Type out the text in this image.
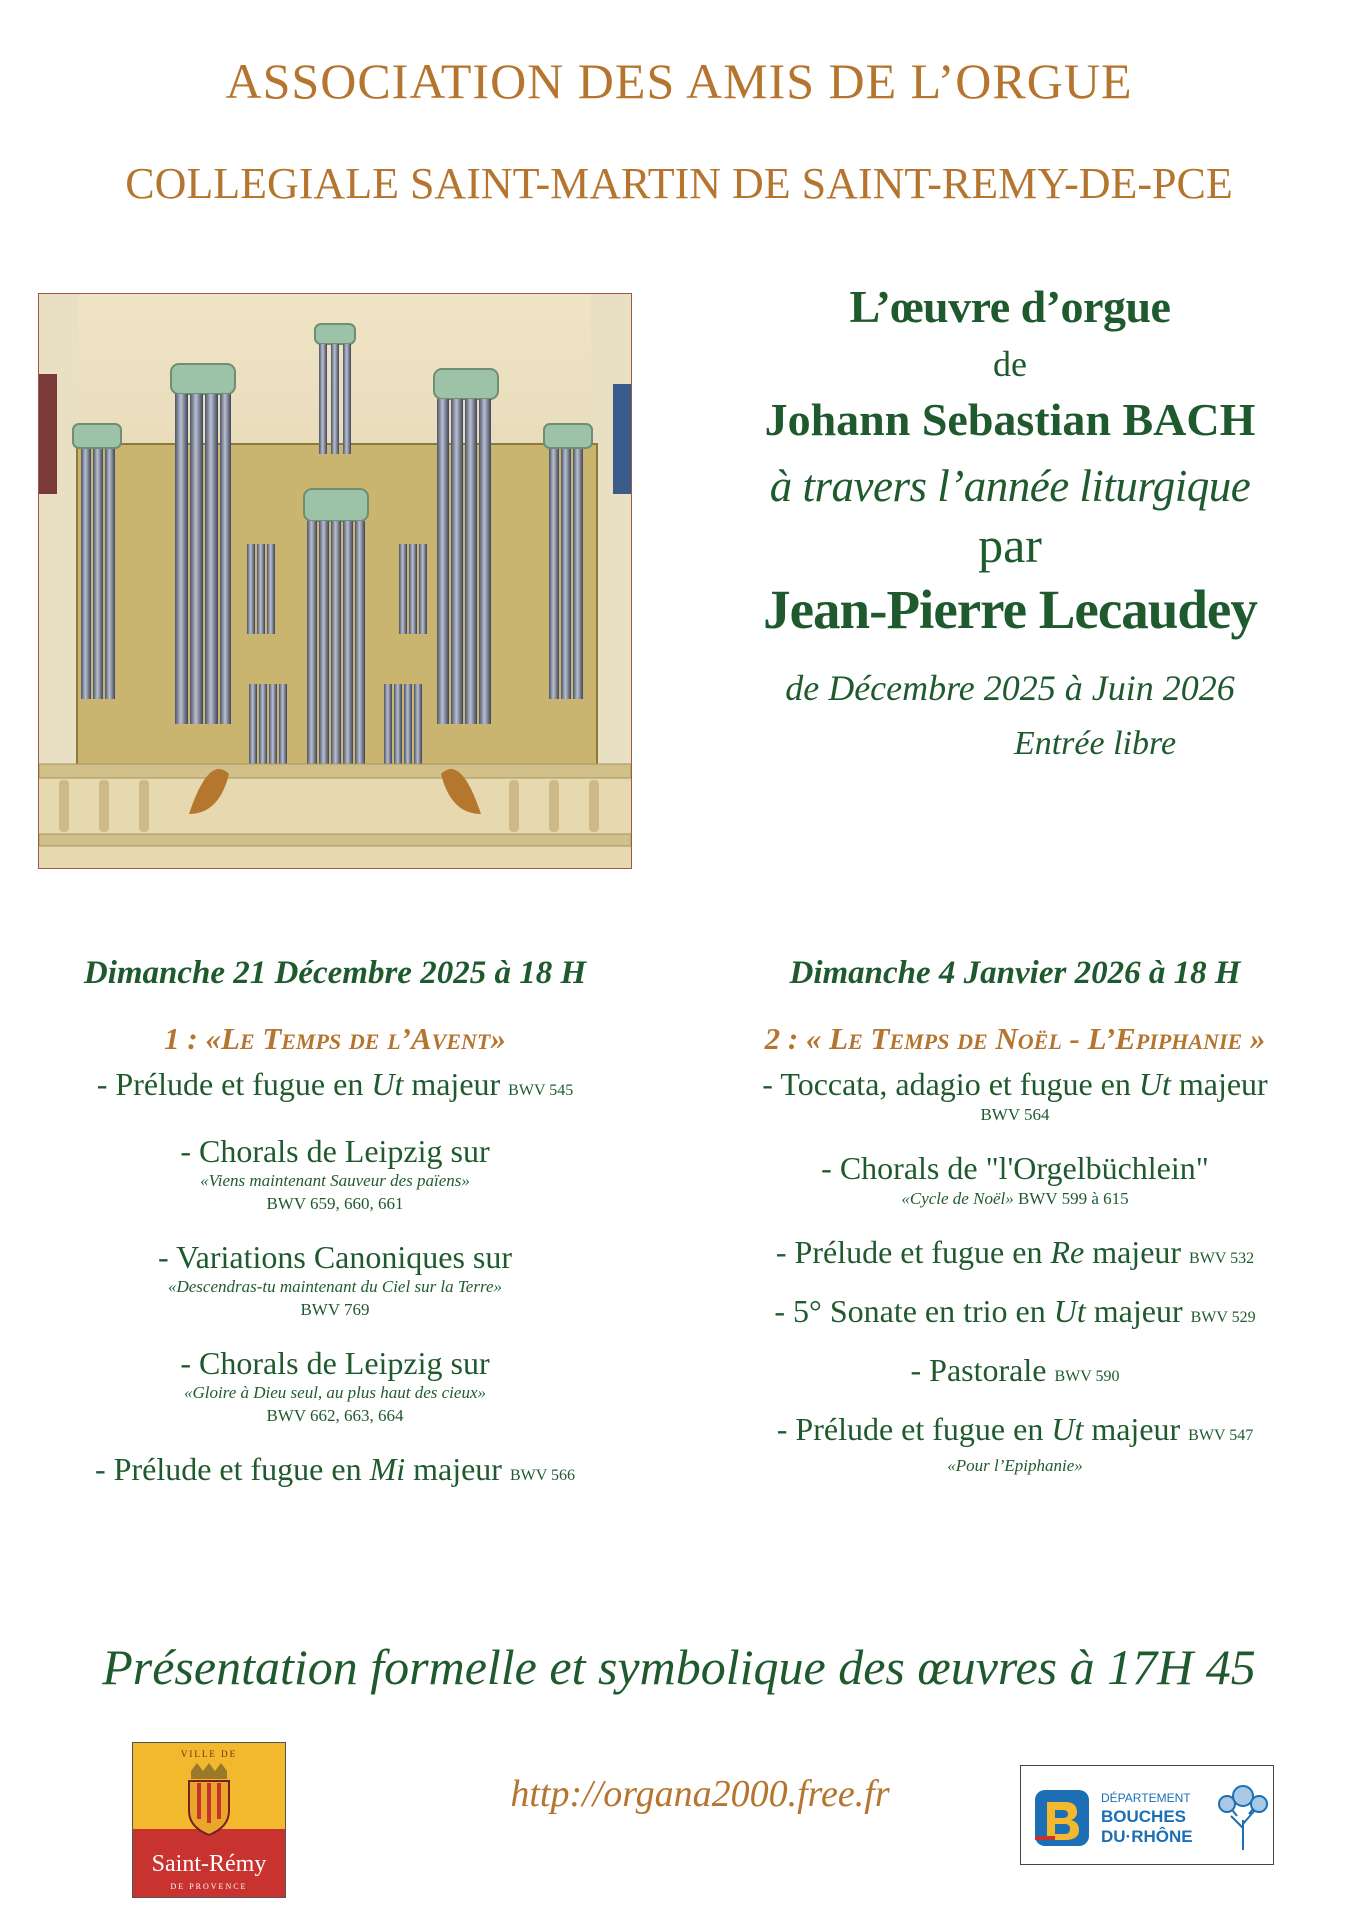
ASSOCIATION DES AMIS DE L’ORGUE
COLLEGIALE SAINT-MARTIN DE SAINT-REMY-DE-PCE
L’œuvre d’orgue
de
Johann Sebastian BACH
à travers l’année liturgique
par
Jean-Pierre Lecaudey
de Décembre 2025 à Juin 2026
Entrée libre
Dimanche 21 Décembre 2025 à 18 H
1 : «Le Temps de l’Avent»
- Prélude et fugue en Ut majeur BWV 545
- Chorals de Leipzig sur
«Viens maintenant Sauveur des païens»
BWV 659, 660, 661
- Variations Canoniques sur
«Descendras-tu maintenant du Ciel sur la Terre»
BWV 769
- Chorals de Leipzig sur
«Gloire à Dieu seul, au plus haut des cieux»
BWV 662, 663, 664
- Prélude et fugue en Mi majeur BWV 566
Dimanche 4 Janvier 2026 à 18 H
2 : « Le Temps de Noël - L’Epiphanie »
- Toccata, adagio et fugue en Ut majeur
BWV 564
- Chorals de "l'Orgelbüchlein"
«Cycle de Noël» BWV 599 à 615
- Prélude et fugue en Re majeur BWV 532
- 5° Sonate en trio en Ut majeur BWV 529
- Pastorale BWV 590
- Prélude et fugue en Ut majeur BWV 547
«Pour l’Epiphanie»
Présentation formelle et symbolique des œuvres à 17H 45
VILLE DE
Saint-Rémy
DE PROVENCE
http://organa2000.free.fr	DÉPARTEMENT
BOUCHES
DU·RHÔNE
